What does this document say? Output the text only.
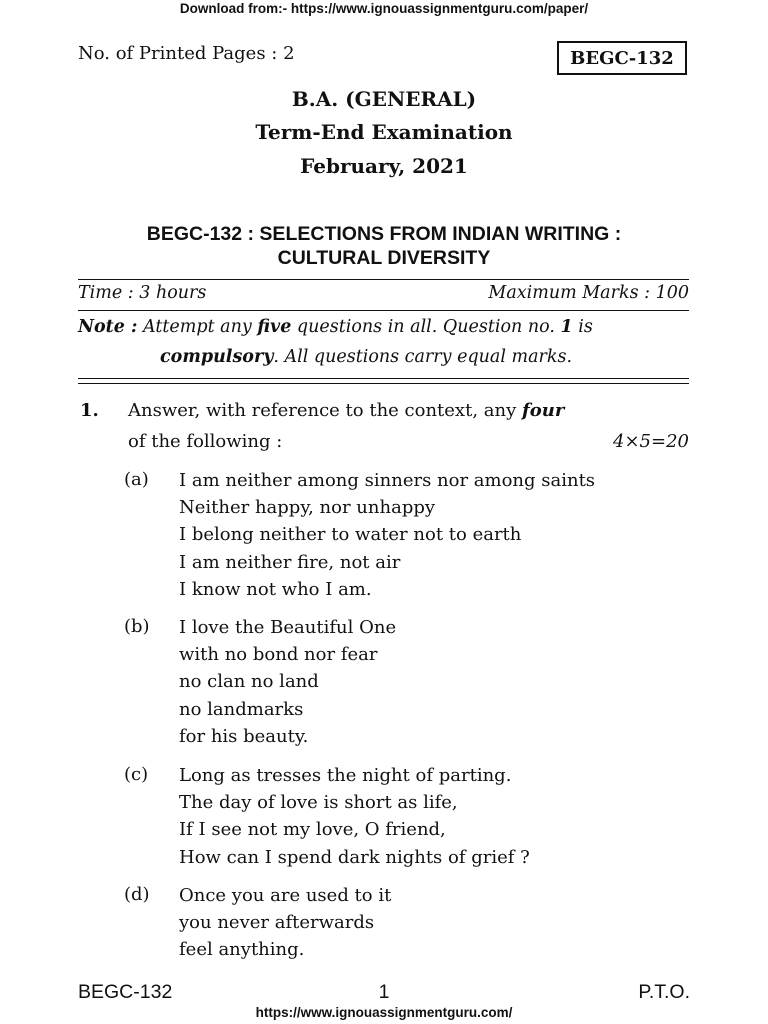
Download from:- https://www.ignouassignmentguru.com/paper/
No. of Printed Pages : 2	BEGC-132
B.A. (GENERAL)
Term-End Examination
February, 2021
BEGC-132 : SELECTIONS FROM INDIAN WRITING :
CULTURAL DIVERSITY
Time : 3 hours	Maximum Marks : 100
Note : Attempt any five questions in all. Question no. 1 is
compulsory. All questions carry equal marks.
1. Answer, with reference to the context, any four
of the following :	4×5=20
(a) I am neither among sinners nor among saints
Neither happy, nor unhappy
I belong neither to water not to earth
I am neither fire, not air
I know not who I am.
(b) I love the Beautiful One
with no bond nor fear
no clan no land
no landmarks
for his beauty.
(c) Long as tresses the night of parting.
The day of love is short as life,
If I see not my love, O friend,
How can I spend dark nights of grief ?
(d) Once you are used to it
you never afterwards
feel anything.
BEGC-132	1	P.T.O.
https://www.ignouassignmentguru.com/
